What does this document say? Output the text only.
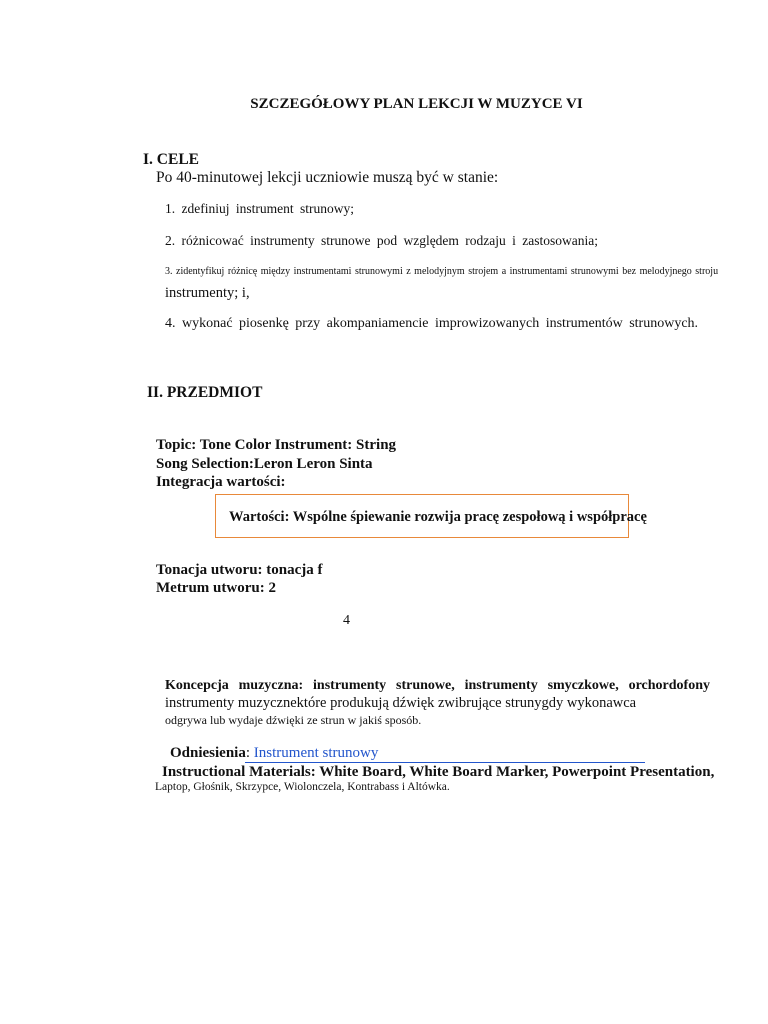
SZCZEGÓŁOWY PLAN LEKCJI W MUZYCE VI
I. CELE
Po 40-minutowej lekcji uczniowie muszą być w stanie:
1. zdefiniuj instrument strunowy;
2. różnicować instrumenty strunowe pod względem rodzaju i zastosowania;
3. zidentyfikuj różnicę między instrumentami strunowymi z melodyjnym strojem a instrumentami strunowymi bez melodyjnego stroju
instrumenty; i,
4. wykonać piosenkę przy akompaniamencie improwizowanych instrumentów strunowych.
II. PRZEDMIOT
Topic: Tone Color Instrument: String
Song Selection:Leron Leron Sinta
Integracja wartości:
Wartości: Wspólne śpiewanie rozwija pracę zespołową i współpracę
Tonacja utworu: tonacja f
Metrum utworu: 2
4
Koncepcja muzyczna: instrumenty strunowe, instrumenty smyczkowe, orchordofony
instrumenty muzycznektóre produkują dźwięk zwibrujące strunygdy wykonawca
odgrywa lub wydaje dźwięki ze strun w jakiś sposób.
Odniesienia: Instrument strunowy
Instructional Materials: White Board, White Board Marker, Powerpoint Presentation,
Laptop, Głośnik, Skrzypce, Wiolonczela, Kontrabass i Altówka.
